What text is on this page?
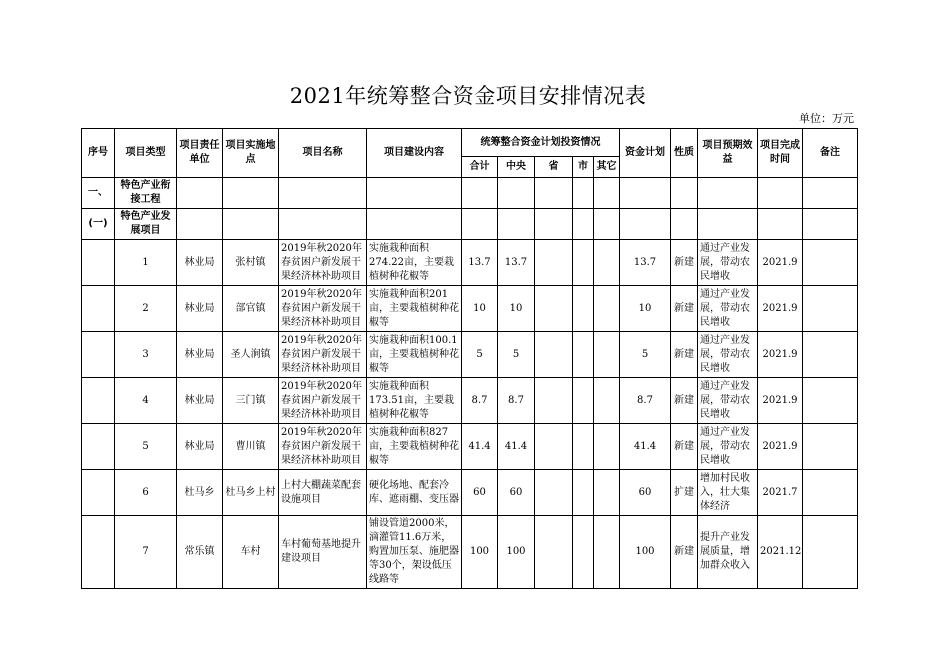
2021年统筹整合资金项目安排情况表
单位：万元
序号	项目类型	项目责任单位	项目实施地点	项目名称	项目建设内容	统筹整合资金计划投资情况					资金计划	性质	项目预期效益	项目完成时间	备注
						合计	中央	省	市	其它					
一、	特色产业衔接工程														
(一)	特色产业发展项目														
	1	林业局	张村镇	2019年秋2020年春贫困户新发展干果经济林补助项目	实施栽种面积274.22亩，主要栽植树种花椒等	13.7	13.7				13.7	新建	通过产业发展，带动农民增收	2021.9	
	2	林业局	部官镇	2019年秋2020年春贫困户新发展干果经济林补助项目	实施栽种面积201亩，主要栽植树种花椒等	10	10				10	新建	通过产业发展，带动农民增收	2021.9	
	3	林业局	圣人涧镇	2019年秋2020年春贫困户新发展干果经济林补助项目	实施栽种面积100.1亩，主要栽植树种花椒等	5	5				5	新建	通过产业发展，带动农民增收	2021.9	
	4	林业局	三门镇	2019年秋2020年春贫困户新发展干果经济林补助项目	实施栽种面积173.51亩，主要栽植树种花椒等	8.7	8.7				8.7	新建	通过产业发展，带动农民增收	2021.9	
	5	林业局	曹川镇	2019年秋2020年春贫困户新发展干果经济林补助项目	实施栽种面积827亩，主要栽植树种花椒等	41.4	41.4				41.4	新建	通过产业发展，带动农民增收	2021.9	
	6	杜马乡	杜马乡上村	上村大棚蔬菜配套设施项目	硬化场地、配套冷库、遮雨棚、变压器	60	60				60	扩建	增加村民收入，壮大集体经济	2021.7	
	7	常乐镇	车村	车村葡萄基地提升建设项目	铺设管道2000米，滴灌管11.6万米，购置加压泵、施肥器等30个，架设低压线路等	100	100				100	新建	提升产业发展质量，增加群众收入	2021.12	
